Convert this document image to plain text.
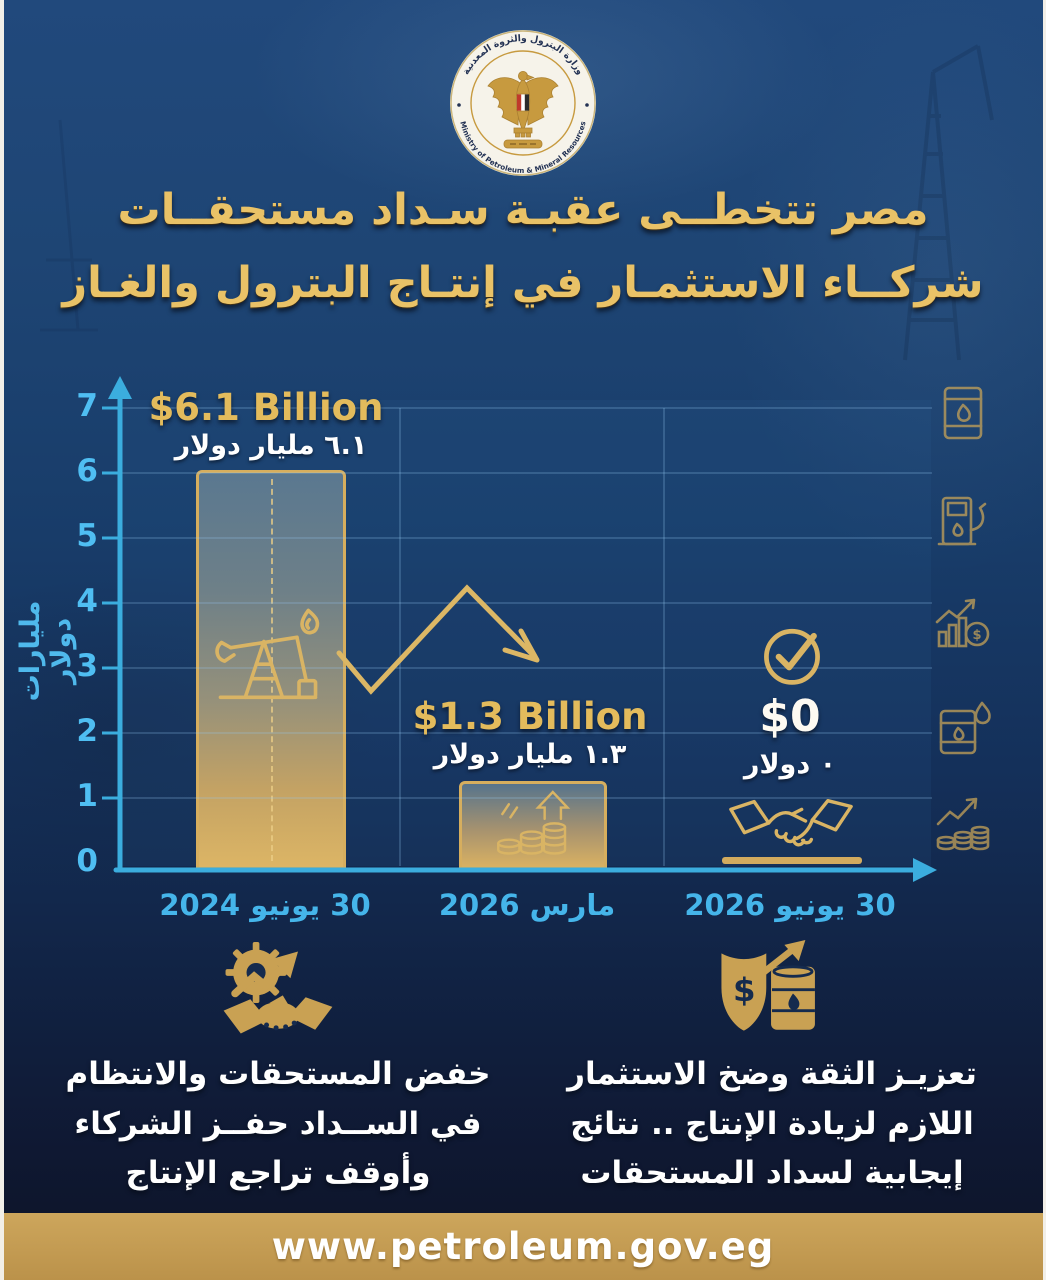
وزارة البترول والثروة المعدنية
Ministry of Petroleum & Mineral Resources
مصر تتخطــى عقبـة سـداد مستحقــات
شركــاء الاستثمـار في إنتـاج البترول والغـاز
مليارات دولار
0
1
2
3
4
5
6
7	$6.1 Billion
٦.١ مليار دولار
$1.3 Billion
١.٣ مليار دولار
$0
٠ دولار
30 يونيو 2024	مارس 2026	30 يونيو 2026
$
خفض المستحقات والانتظام
في الســداد حفــز الشركاء
وأوقف تراجع الإنتاج
$
تعزيـز الثقة وضخ الاستثمار
اللازم لزيادة الإنتاج .. نتائج
إيجابية لسداد المستحقات
www.petroleum.gov.eg
